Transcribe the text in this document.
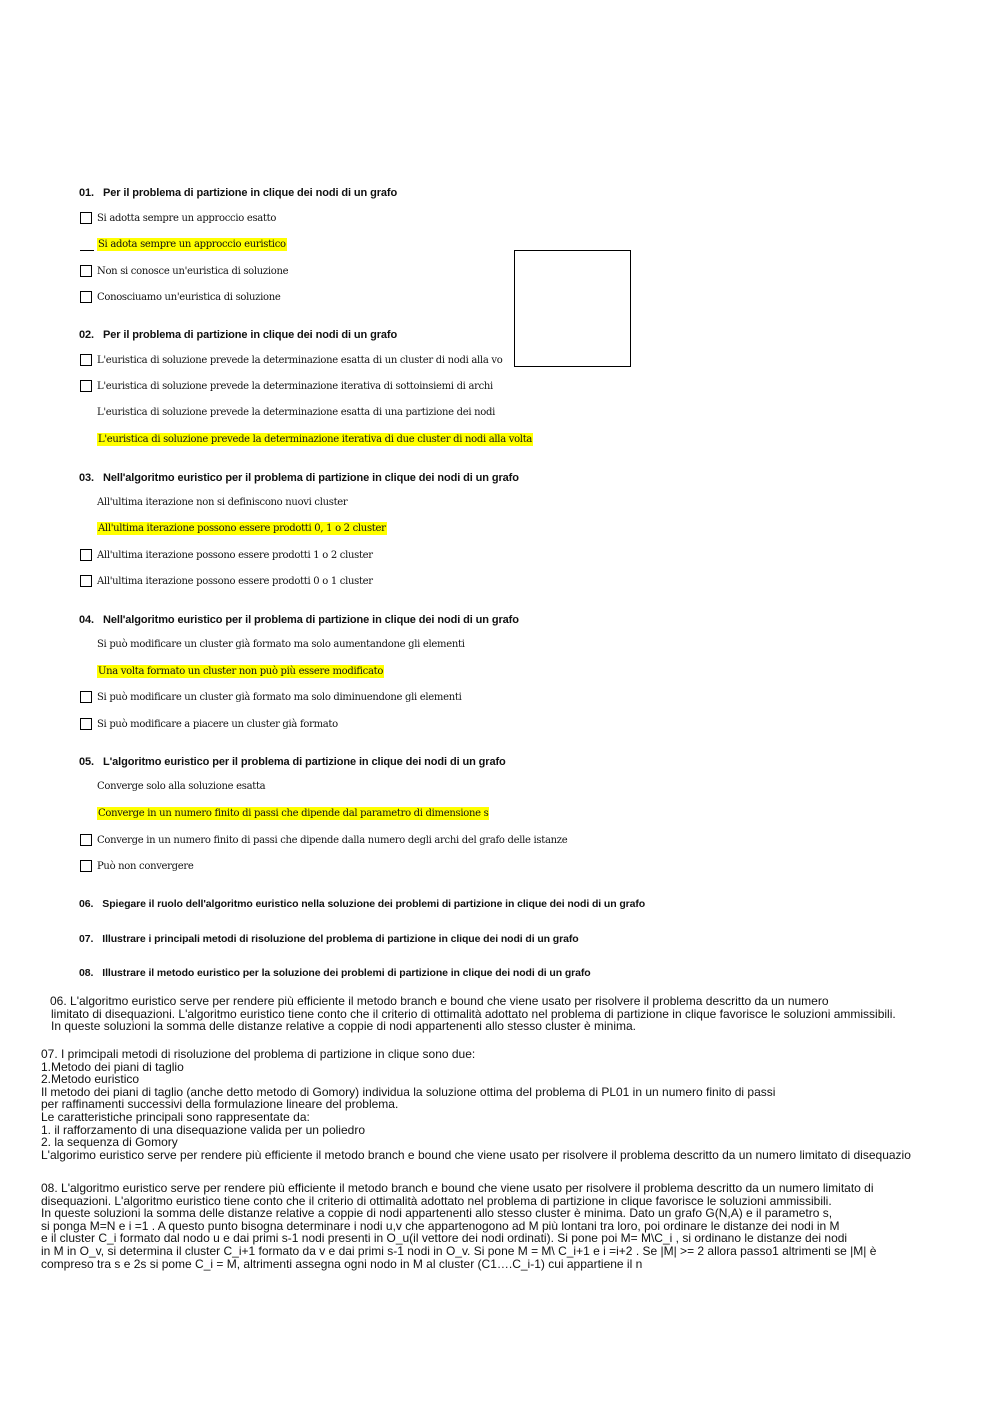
01. Per il problema di partizione in clique dei nodi di un grafo
Si adotta sempre un approccio esatto
Si adota sempre un approccio euristico
Non si conosce un'euristica di soluzione
Conosciuamo un'euristica di soluzione
02. Per il problema di partizione in clique dei nodi di un grafo
L'euristica di soluzione prevede la determinazione esatta di un cluster di nodi alla vo
L'euristica di soluzione prevede la determinazione iterativa di sottoinsiemi di archi
L'euristica di soluzione prevede la determinazione esatta di una partizione dei nodi
L'euristica di soluzione prevede la determinazione iterativa di due cluster di nodi alla volta
03. Nell'algoritmo euristico per il problema di partizione in clique dei nodi di un grafo
All'ultima iterazione non si definiscono nuovi cluster
All'ultima iterazione possono essere prodotti 0, 1 o 2 cluster
All'ultima iterazione possono essere prodotti 1 o 2 cluster
All'ultima iterazione possono essere prodotti 0 o 1 cluster
04. Nell'algoritmo euristico per il problema di partizione in clique dei nodi di un grafo
Si può modificare un cluster già formato ma solo aumentandone gli elementi
Una volta formato un cluster non può più essere modificato
Si può modificare un cluster già formato ma solo diminuendone gli elementi
Si può modificare a piacere un cluster già formato
05. L'algoritmo euristico per il problema di partizione in clique dei nodi di un grafo
Converge solo alla soluzione esatta
Converge in un numero finito di passi che dipende dal parametro di dimensione s
Converge in un numero finito di passi che dipende dalla numero degli archi del grafo delle istanze
Può non convergere
06. Spiegare il ruolo dell'algoritmo euristico nella soluzione dei problemi di partizione in clique dei nodi di un grafo
07. Illustrare i principali metodi di risoluzione del problema di partizione in clique dei nodi di un grafo
08. Illustrare il metodo euristico per la soluzione dei problemi di partizione in clique dei nodi di un grafo
06. L'algoritmo euristico serve per rendere più efficiente il metodo branch e bound che viene usato per risolvere il problema descritto da un numero
limitato di disequazioni. L'algoritmo euristico tiene conto che il criterio di ottimalità adottato nel problema di partizione in clique favorisce le soluzioni ammissibili.
In queste soluzioni la somma delle distanze relative a coppie di nodi appartenenti allo stesso cluster è minima.
07. I primcipali metodi di risoluzione del problema di partizione in clique sono due:
1.Metodo dei piani di taglio
2.Metodo euristico
Il metodo dei piani di taglio (anche detto metodo di Gomory) individua la soluzione ottima del problema di PL01 in un numero finito di passi
per raffinamenti successivi della formulazione lineare del problema.
Le caratteristiche principali sono rappresentate da:
1. il rafforzamento di una disequazione valida per un poliedro
2. la sequenza di Gomory
L'algorimo euristico serve per rendere più efficiente il metodo branch e bound che viene usato per risolvere il problema descritto da un numero limitato di disequazio
08. L'algoritmo euristico serve per rendere più efficiente il metodo branch e bound che viene usato per risolvere il problema descritto da un numero limitato di
disequazioni. L'algoritmo euristico tiene conto che il criterio di ottimalità adottato nel problema di partizione in clique favorisce le soluzioni ammissibili.
In queste soluzioni la somma delle distanze relative a coppie di nodi appartenenti allo stesso cluster è minima. Dato un grafo G(N,A) e il parametro s,
si ponga M=N e i =1 . A questo punto bisogna determinare i nodi u,v che appartenogono ad M più lontani tra loro, poi ordinare le distanze dei nodi in M
e il cluster C_i formato dal nodo u e dai primi s-1 nodi presenti in O_u(il vettore dei nodi ordinati). Si pone poi M= M\C_i , si ordinano le distanze dei nodi
in M in O_v, si determina il cluster C_i+1 formato da v e dai primi s-1 nodi in O_v. Si pone M = M\ C_i+1 e i =i+2 . Se |M| >= 2 allora passo1 altrimenti se |M| è
compreso tra s e 2s si pome C_i = M, altrimenti assegna ogni nodo in M al cluster (C1….C_i-1) cui appartiene il n
